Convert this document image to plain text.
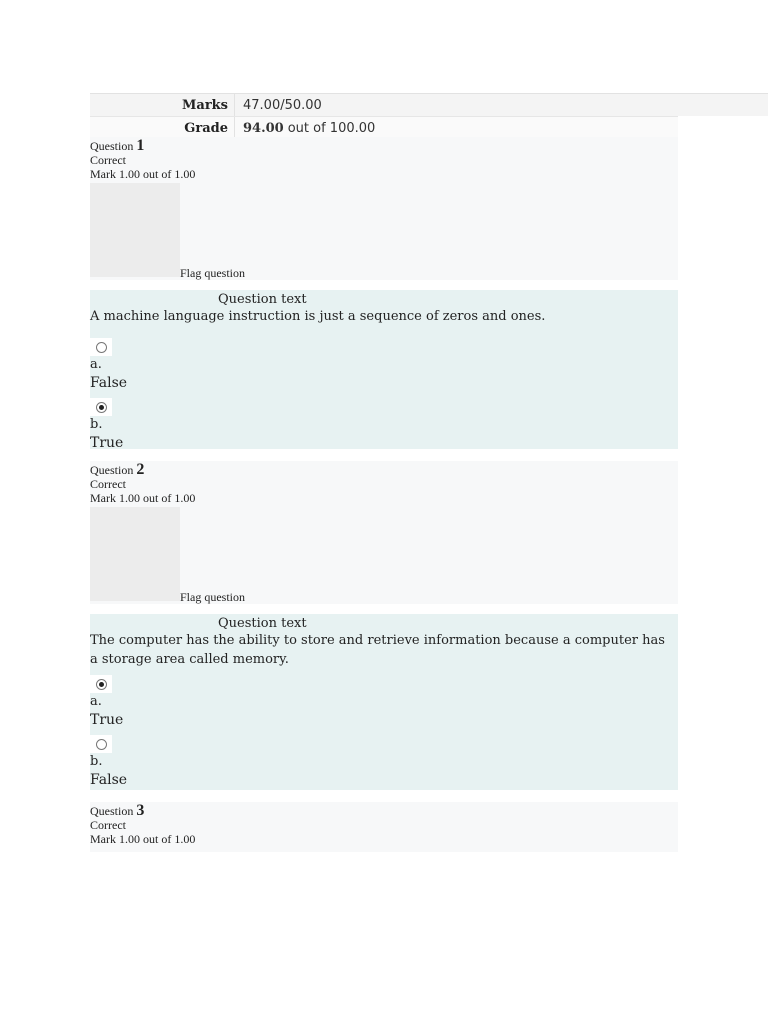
Marks	47.00/50.00
Grade	94.00 out of 100.00
Question 1
Correct
Mark 1.00 out of 1.00
Flag question
Question text
A machine language instruction is just a sequence of zeros and ones.
a.
False
b.
True
Question 2
Correct
Mark 1.00 out of 1.00
Flag question
Question text
The computer has the ability to store and retrieve information because a computer has a storage area called memory.
a.
True
b.
False
Question 3
Correct
Mark 1.00 out of 1.00
